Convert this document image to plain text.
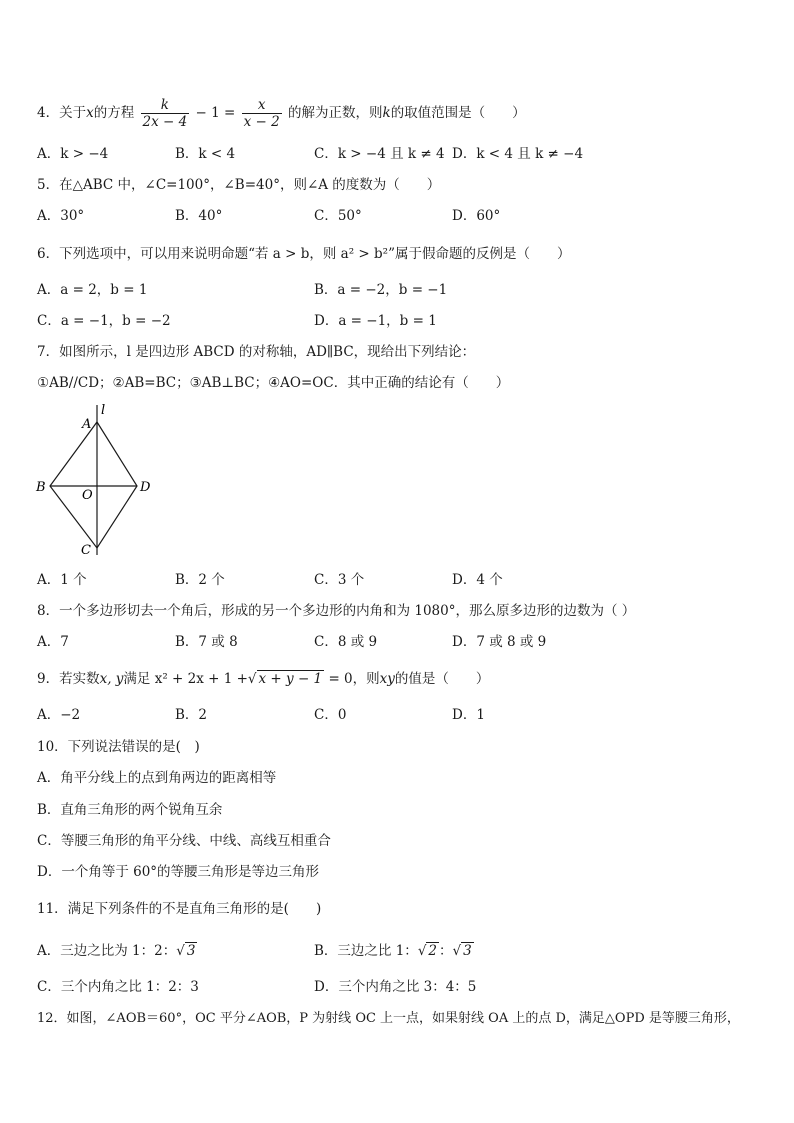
4．关于x的方程 $\frac{k}{2x - 4} - 1 = \frac{x}{x - 2}$ 的解为正数，则k的取值范围是（　　）
A．k > −4	B．k < 4	C．k > −4 且 k ≠ 4 D．k < 4 且 k ≠ −4
5．在△ABC 中，∠C=100°，∠B=40°，则∠A 的度数为（　　）
A．30°	B．40°	C．50°	D．60°
6．下列选项中，可以用来说明命题“若 a > b，则 a² > b²”属于假命题的反例是（　　）
A．a = 2，b = 1	B．a = −2，b = −1
C．a = −1，b = −2	D．a = −1，b = 1
7．如图所示，l 是四边形 ABCD 的对称轴，AD∥BC，现给出下列结论：
①AB//CD；②AB=BC；③AB⊥BC；④AO=OC．其中正确的结论有（　　）
l
A
B
O
D
C
A．1 个	B．2 个	C．3 个	D．4 个
8．一个多边形切去一个角后，形成的另一个多边形的内角和为 1080°，那么原多边形的边数为（ ）
A．7	B．7 或 8	C．8 或 9	D．7 或 8 或 9
9．若实数x, y满足 x² + 2x + 1 +√ x + y − 1 = 0，则xy的值是（　　）
A．−2	B．2	C．0	D．1
10．下列说法错误的是(　)
A．角平分线上的点到角两边的距离相等
B．直角三角形的两个锐角互余
C．等腰三角形的角平分线、中线、高线互相重合
D．一个角等于 60°的等腰三角形是等边三角形
11．满足下列条件的不是直角三角形的是(　　)
A．三边之比为 1：2：√ 3	B．三边之比 1：√ 2 ：√ 3
C．三个内角之比 1：2：3	D．三个内角之比 3：4：5
12．如图，∠AOB＝60°，OC 平分∠AOB，P 为射线 OC 上一点，如果射线 OA 上的点 D，满足△OPD 是等腰三角形，
